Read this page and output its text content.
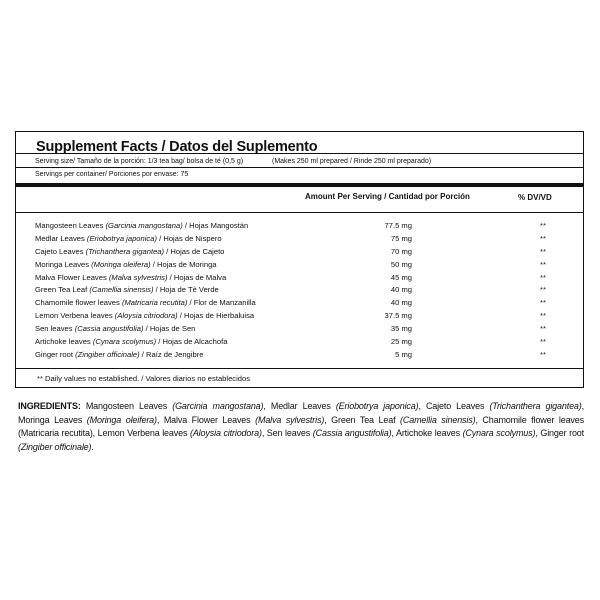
Supplement Facts / Datos del Suplemento
Serving size/ Tamaño de la porción: 1/3 tea bag/ bolsa de té (0,5 g)	(Makes 250 ml prepared / Rinde 250 ml preparado)
Servings per container/ Porciones por envase: 75
Amount Per Serving / Cantidad por Porción	% DV/VD
Mangosteen Leaves (Garcinia mangostana) / Hojas Mangostán	77.5 mg	**
Medlar Leaves (Eriobotrya japonica) / Hojas de Nispero	75 mg	**
Cajeto Leaves (Trichanthera gigantea) / Hojas de Cajeto	70 mg	**
Moringa Leaves (Moringa oleifera) / Hojas de Moringa	50 mg	**
Malva Flower Leaves (Malva sylvestris) / Hojas de Malva	45 mg	**
Green Tea Leaf (Camellia sinensis) / Hoja de Tè Verde	40 mg	**
Chamomile flower leaves (Matricaria recutita) / Flor de Manzanilla	40 mg	**
Lemon Verbena leaves (Aloysia citriodora) / Hojas de Hierbaluisa	37.5 mg	**
Sen leaves (Cassia angustifolia) / Hojas de Sen	35 mg	**
Artichoke leaves (Cynara scolymus) / Hojas de Alcachofa	25 mg	**
Ginger root (Zingiber officinale) / Raíz de Jengibre	5 mg	**
** Daily values no established. / Valores diarios no establecidos
INGREDIENTS: Mangosteen Leaves (Garcinia mangostana), Medlar Leaves (Eriobotrya japonica), Cajeto Leaves (Trichanthera gigantea), Moringa Leaves (Moringa oleifera), Malva Flower Leaves (Malva sylvestris), Green Tea Leaf (Camellia sinensis), Chamomile flower leaves (Matricaria recutita), Lemon Verbena leaves (Aloysia citriodora), Sen leaves (Cassia angustifolia), Artichoke leaves (Cynara scolymus), Ginger root (Zingiber officinale).
